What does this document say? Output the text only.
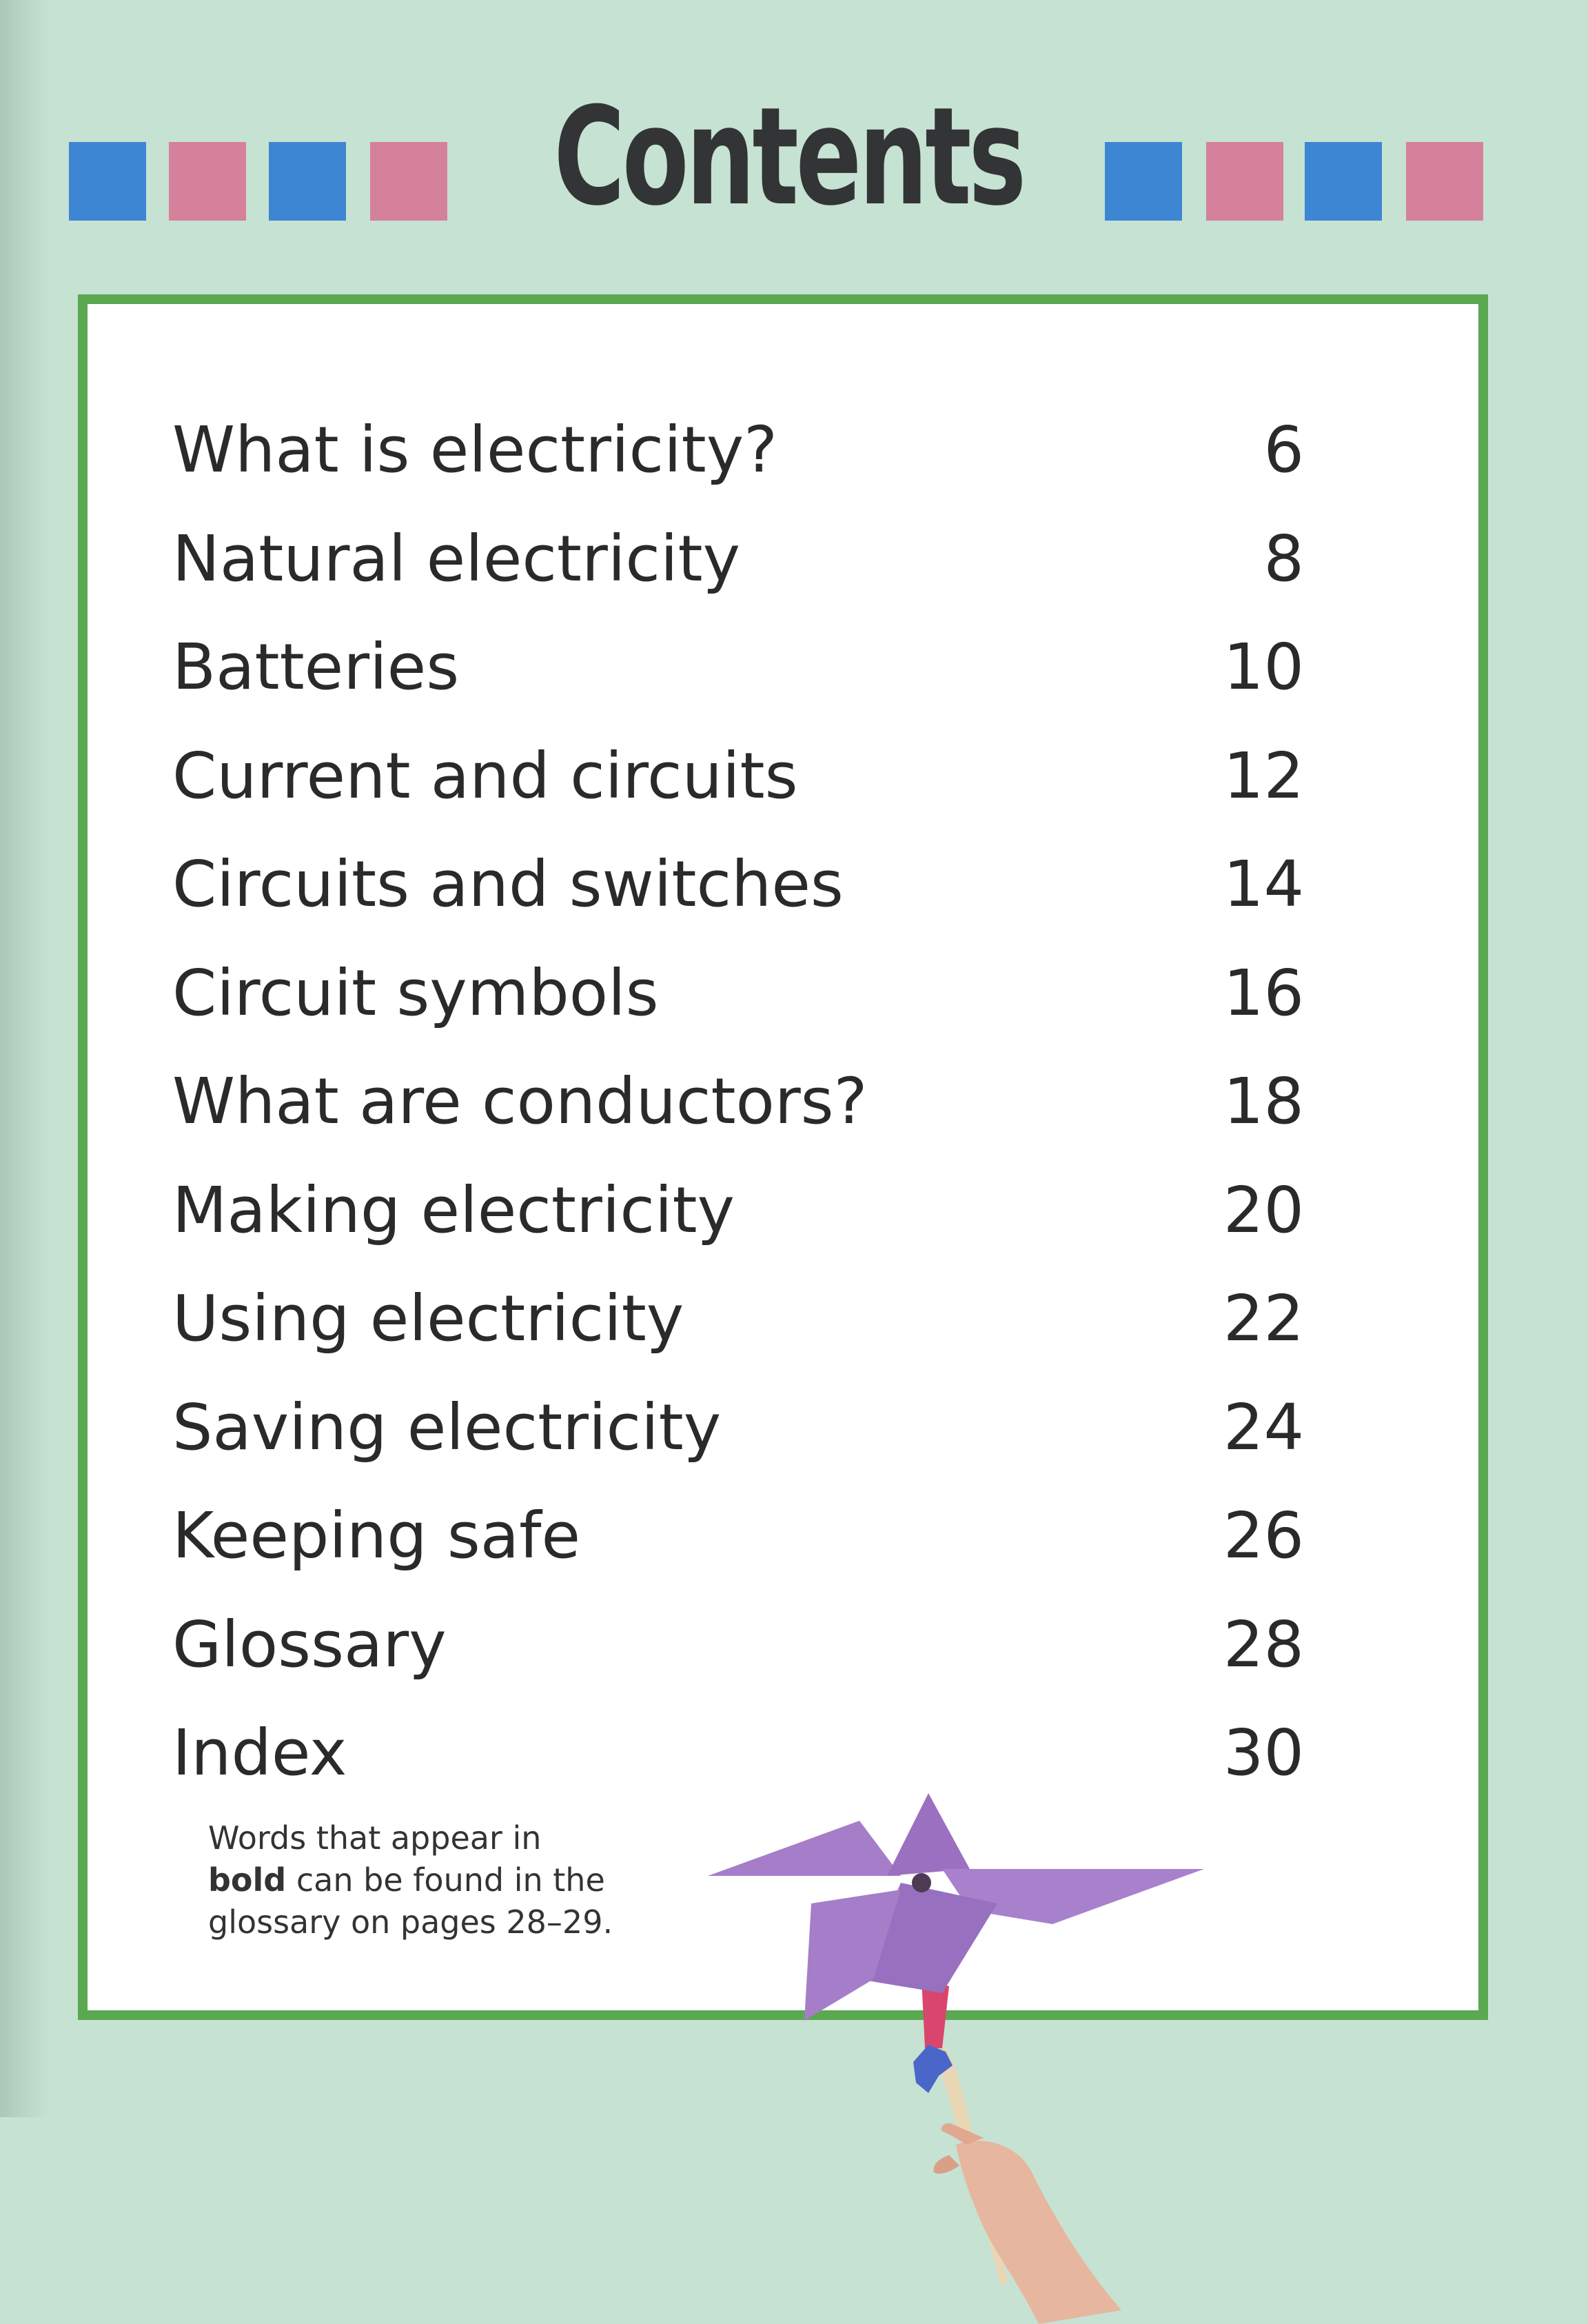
Contents
What is electricity?	6
Natural electricity	8
Batteries	10
Current and circuits	12
Circuits and switches	14
Circuit symbols	16
What are conductors?	18
Making electricity	20
Using electricity	22
Saving electricity	24
Keeping safe	26
Glossary	28
Index	30
Words that appear in
bold can be found in the
glossary on pages 28–29.
